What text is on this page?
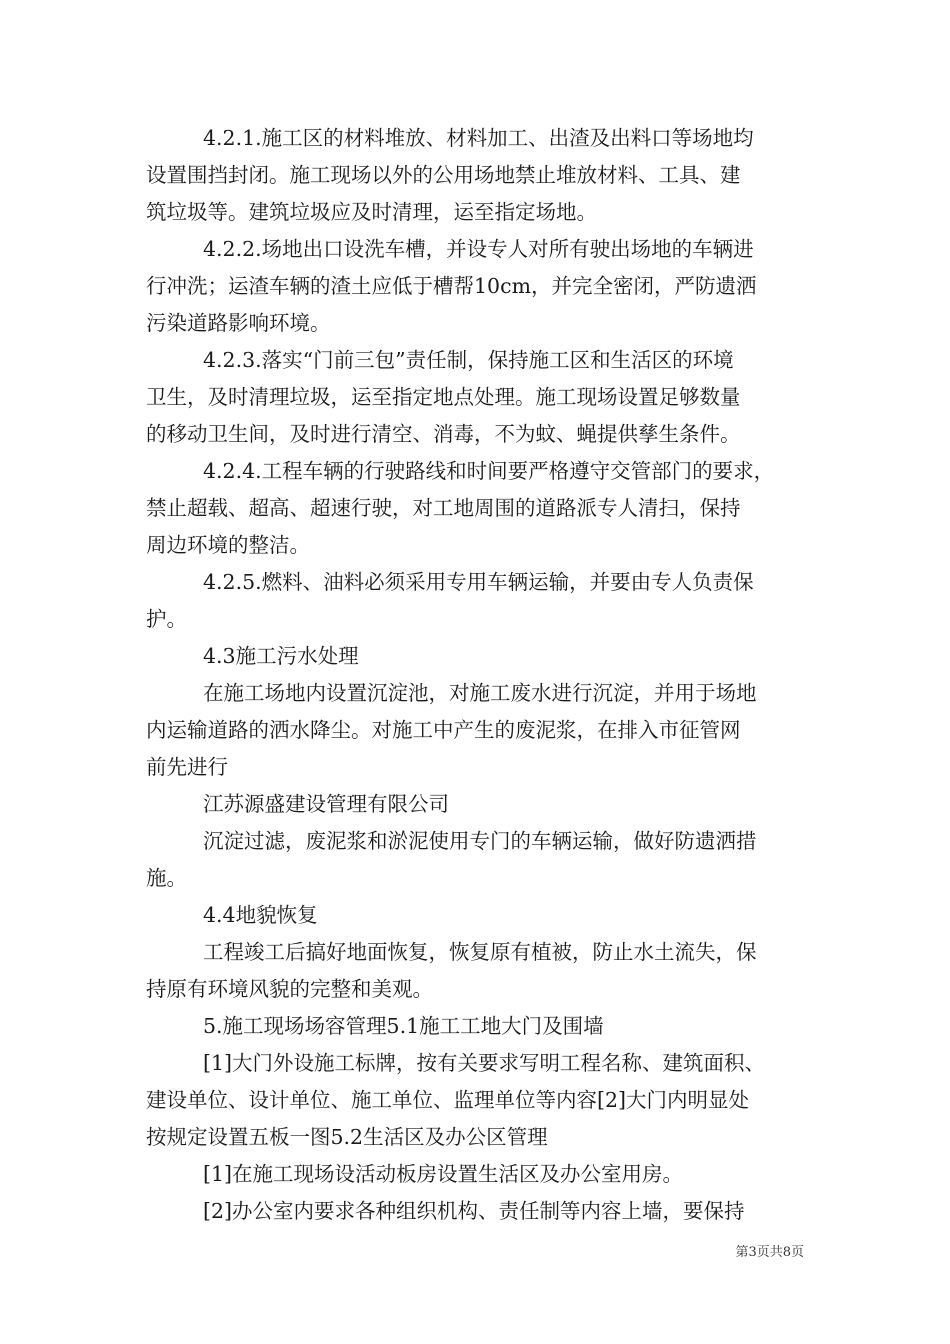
4.2.1.施工区的材料堆放、材料加工、出渣及出料口等场地均
设置围挡封闭。施工现场以外的公用场地禁止堆放材料、工具、建
筑垃圾等。建筑垃圾应及时清理，运至指定场地。
4.2.2.场地出口设洗车槽，并设专人对所有驶出场地的车辆进
行冲洗；运渣车辆的渣土应低于槽帮10cm，并完全密闭，严防遗洒
污染道路影响环境。
4.2.3.落实“门前三包”责任制，保持施工区和生活区的环境
卫生，及时清理垃圾，运至指定地点处理。施工现场设置足够数量
的移动卫生间，及时进行清空、消毒，不为蚊、蝇提供孳生条件。
4.2.4.工程车辆的行驶路线和时间要严格遵守交管部门的要求，
禁止超载、超高、超速行驶，对工地周围的道路派专人清扫，保持
周边环境的整洁。
4.2.5.燃料、油料必须采用专用车辆运输，并要由专人负责保
护。
4.3施工污水处理
在施工场地内设置沉淀池，对施工废水进行沉淀，并用于场地
内运输道路的洒水降尘。对施工中产生的废泥浆，在排入市征管网
前先进行
江苏源盛建设管理有限公司
沉淀过滤，废泥浆和淤泥使用专门的车辆运输，做好防遗洒措
施。
4.4地貌恢复
工程竣工后搞好地面恢复，恢复原有植被，防止水土流失，保
持原有环境风貌的完整和美观。
5.施工现场场容管理5.1施工工地大门及围墙
[1]大门外设施工标牌，按有关要求写明工程名称、建筑面积、
建设单位、设计单位、施工单位、监理单位等内容[2]大门内明显处
按规定设置五板一图5.2生活区及办公区管理
[1]在施工现场设活动板房设置生活区及办公室用房。
[2]办公室内要求各种组织机构、责任制等内容上墙，要保持
第3页共8页
